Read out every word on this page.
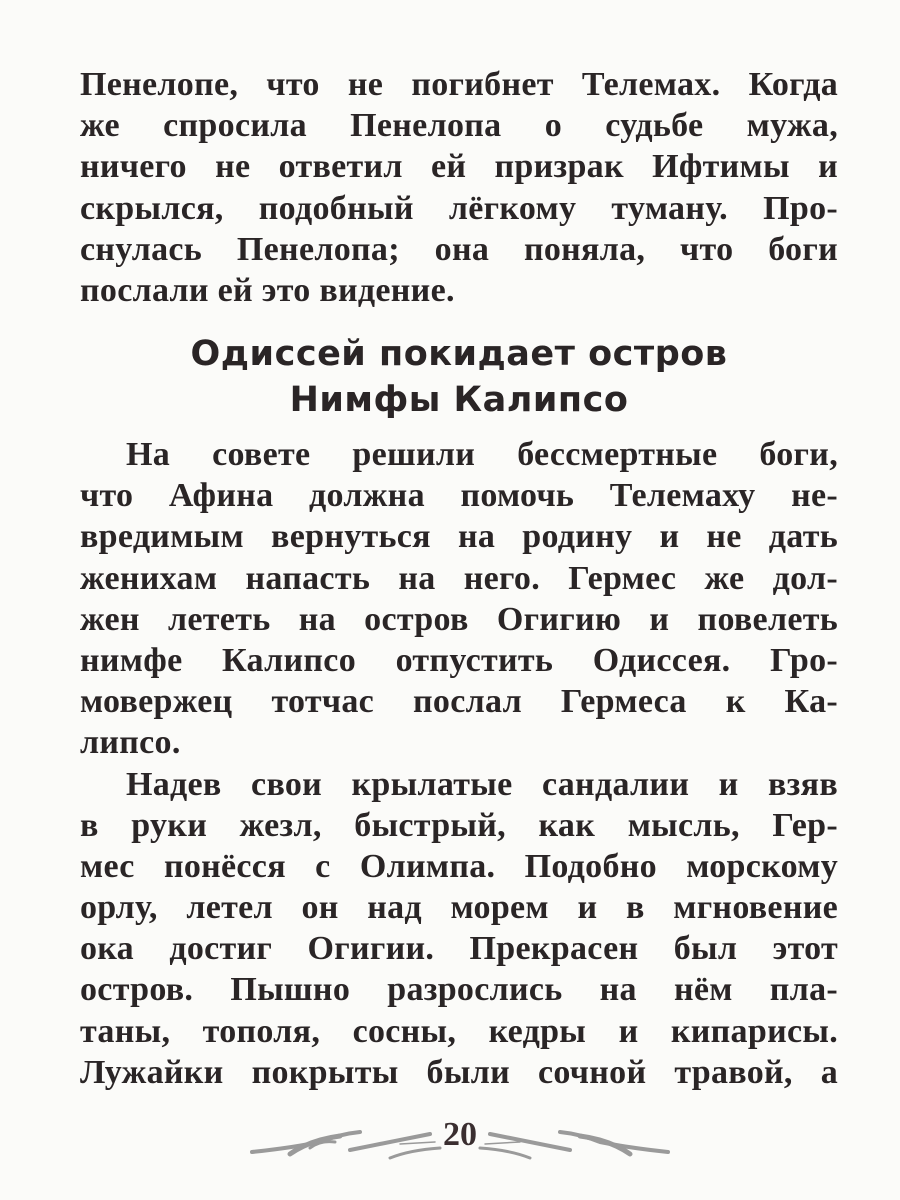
Пенелопе, что не погибнет Телемах. Когда
же спросила Пенелопа о судьбе мужа,
ничего не ответил ей призрак Ифтимы и
скрылся, подобный лёгкому туману. Про-
снулась Пенелопа; она поняла, что боги
послали ей это видение.
Одиссей покидает остров
Нимфы Калипсо
На совете решили бессмертные боги,
что Афина должна помочь Телемаху не-
вредимым вернуться на родину и не дать
женихам напасть на него. Гермес же дол-
жен лететь на остров Огигию и повелеть
нимфе Калипсо отпустить Одиссея. Гро-
мовержец тотчас послал Гермеса к Ка-
липсо.
Надев свои крылатые сандалии и взяв
в руки жезл, быстрый, как мысль, Гер-
мес понёсся с Олимпа. Подобно морскому
орлу, летел он над морем и в мгновение
ока достиг Огигии. Прекрасен был этот
остров. Пышно разрослись на нём пла-
таны, тополя, сосны, кедры и кипарисы.
Лужайки покрыты были сочной травой, а
20
